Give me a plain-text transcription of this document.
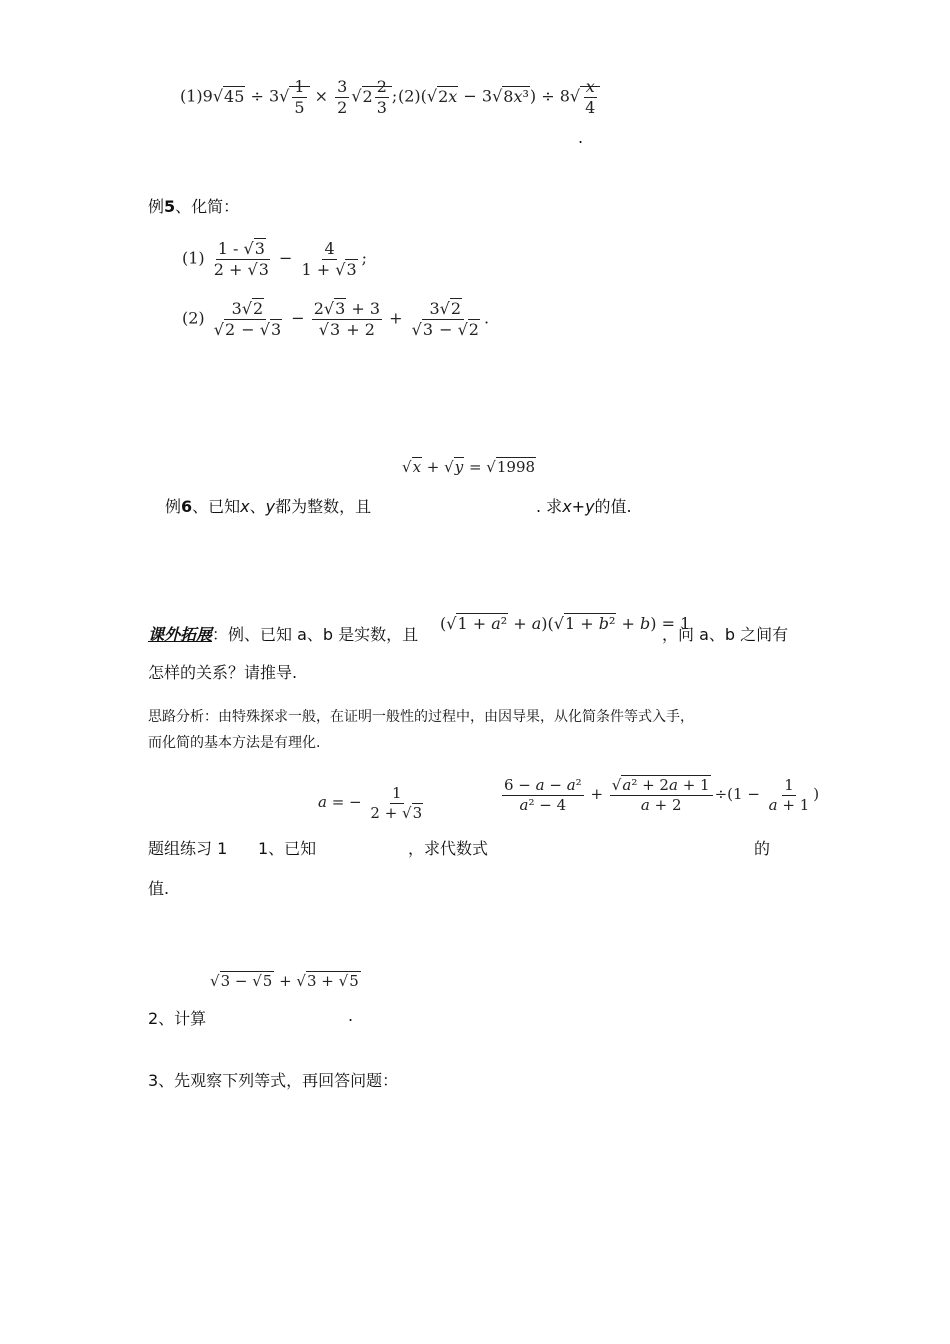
$(1)9√45 \div 3√ \frac{1}{5} \times \frac{3}{2} √2 \frac{2}{3}$ ; $(2)(√2x - 3√8x^3) \div 8√ \frac{x}{4}$
.
例5、化简：
$(1) \frac{1 - √3}{2 + √3} - \frac{4}{1 + √3}$ ;
$(2) \frac{3√2}{√2 - √3} - \frac{2√3 + 3}{√3 + 2} + \frac{3√2}{√3 - √2}$ .
√x + √y = √1998
例6、已知x、y都为整数，且	. 求x+y的值.
课外拓展：例、已知 a、b 是实数，且
(√1 + a² + a)(√1 + b² + b) = 1
，问 a、b 之间有
怎样的关系？请推导.
思路分析：由特殊探求一般，在证明一般性的过程中，由因导果，从化简条件等式入手，
而化简的基本方法是有理化.
a = − $\frac{1}{2 + √3}$	$\frac{\text{6 − a − a²}}{\text{a² − 4}} + \frac{\text{√a² + 2a + 1}}{a + 2} \div(1 - \frac{1}{a + 1}$ )
题组练习 1 1、已知	，求代数式	的
值.
√3 − √5 + √3 + √5
2、计算	.
3、先观察下列等式，再回答问题：
